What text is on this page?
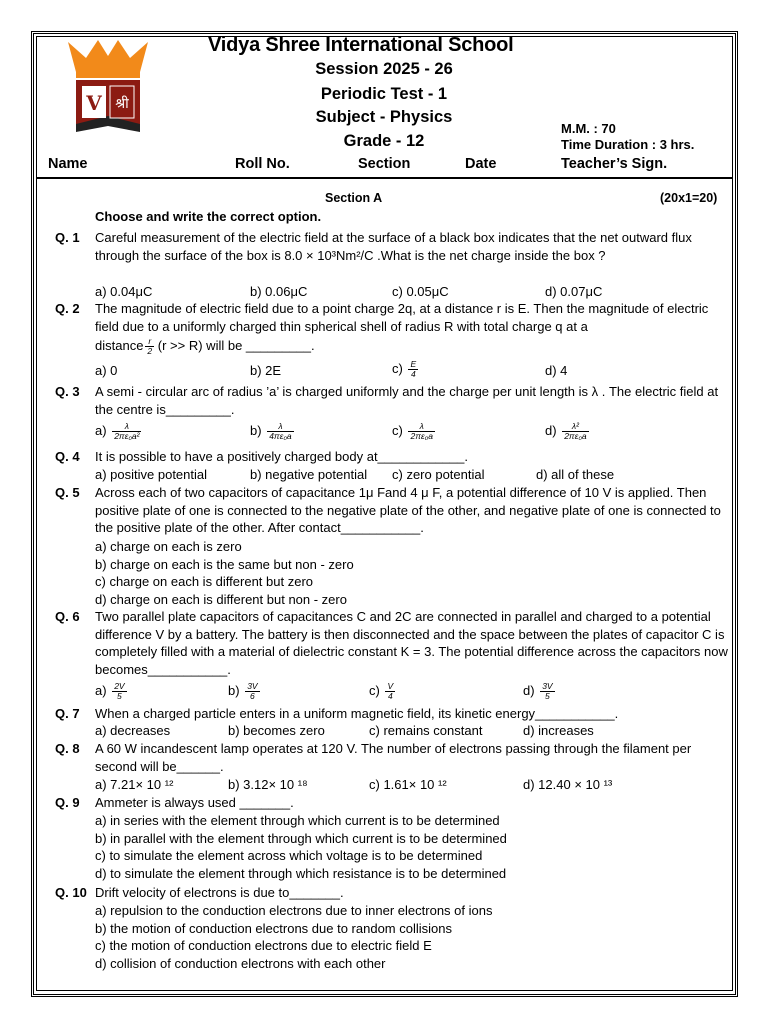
V श्री
Vidya Shree International School
Session 2025 - 26
Periodic Test - 1
Subject - Physics
Grade - 12
M.M. : 70
Time Duration : 3 hrs.
Name	Roll No.	Section	Date	Teacher’s Sign.
Section A	(20x1=20)
Choose and write the correct option.
Q. 1	Careful measurement of the electric field at the surface of a black box indicates that the net outward flux through the surface of the box is 8.0 × 10³Nm²/C .What is the net charge inside the box ?
a) 0.04μC	b) 0.06μC	c) 0.05μC	d) 0.07μC
Q. 2	The magnitude of electric field due to a point charge 2q, at a distance r is E. Then the magnitude of electric field due to a uniformly charged thin spherical shell of radius R with total charge q at a
distance $\frac{r}{2} (r >> R)$ will be _________.
a) 0	b) 2E	$c) \frac{E}{4}$	d) 4
Q. 3	A semi - circular arc of radius ’a’ is charged uniformly and the charge per unit length is λ . The electric field at the centre is_________.
$a) \frac{\lambda}{\text{2πε₀a²}}$	$b) \frac{\lambda}{\text{4πε₀a}}$	$c) \frac{\lambda}{\text{2πε₀a}}$	$d) \frac{\text{λ²}}{\text{2πε₀a}}$
Q. 4	It is possible to have a positively charged body at____________.
a) positive potential	b) negative potential c) zero potential	d) all of these
Q. 5	Across each of two capacitors of capacitance 1μ Fand 4 μ F, a potential difference of 10 V is applied. Then positive plate of one is connected to the negative plate of the other, and negative plate of one is connected to the positive plate of the other. After contact___________.
a) charge on each is zero
b) charge on each is the same but non - zero
c) charge on each is different but zero
d) charge on each is different but non - zero
Q. 6	Two parallel plate capacitors of capacitances C and 2C are connected in parallel and charged to a potential difference V by a battery. The battery is then disconnected and the space between the plates of capacitor C is completely filled with a material of dielectric constant K = 3. The potential difference across the capacitors now becomes___________.
$a) \frac{2V}{5}$	$b) \frac{3V}{6}$	$c) \frac{V}{4}$	$d) \frac{3V}{5}$
Q. 7	When a charged particle enters in a uniform magnetic field, its kinetic energy___________.
a) decreases	b) becomes zero	c) remains constant	d) increases
Q. 8	A 60 W incandescent lamp operates at 120 V. The number of electrons passing through the filament per second will be______.
a) 7.21× 10 ¹²	b) 3.12× 10 ¹⁸	c) 1.61× 10 ¹²	d) 12.40 × 10 ¹³
Q. 9	Ammeter is always used _______.
a) in series with the element through which current is to be determined
b) in parallel with the element through which current is to be determined
c) to simulate the element across which voltage is to be determined
d) to simulate the element through which resistance is to be determined
Q. 10 Drift velocity of electrons is due to_______.
a) repulsion to the conduction electrons due to inner electrons of ions
b) the motion of conduction electrons due to random collisions
c) the motion of conduction electrons due to electric field E
d) collision of conduction electrons with each other
